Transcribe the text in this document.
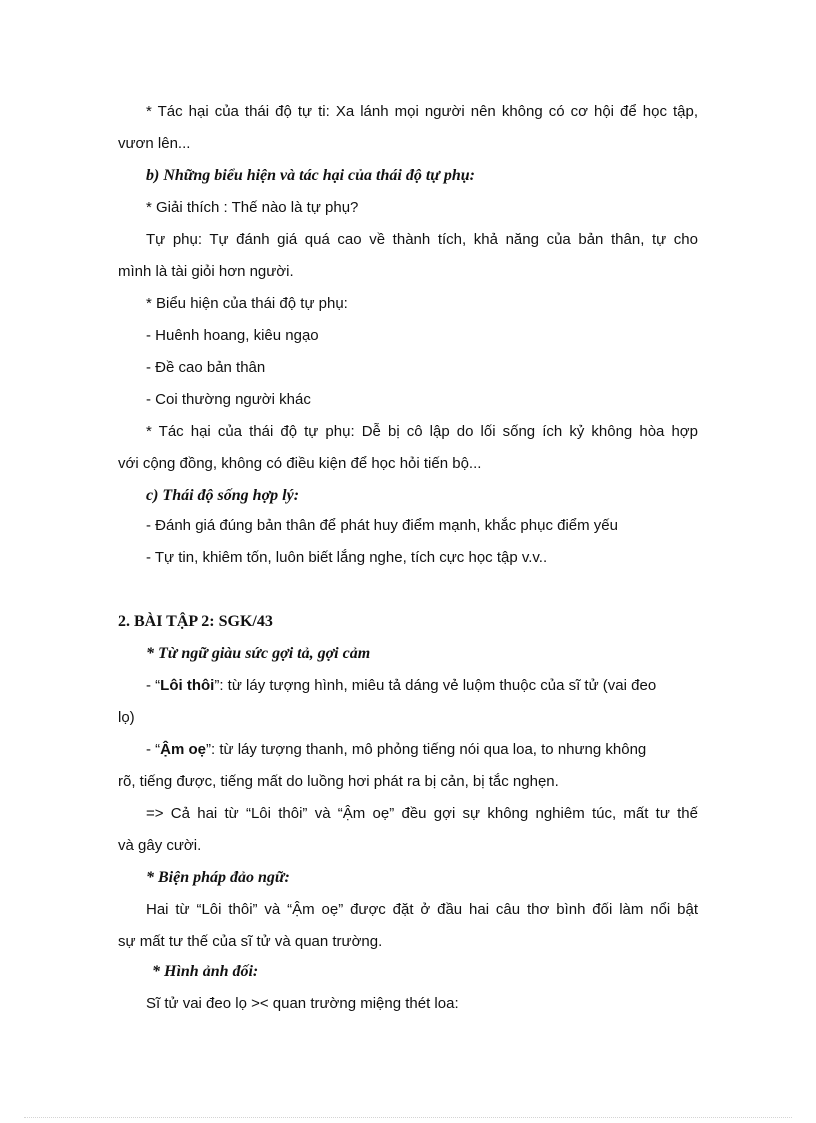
* Tác hại của thái độ tự ti: Xa lánh mọi người nên không có cơ hội để học tập,
vươn lên...
b) Những biểu hiện và tác hại của thái độ tự phụ:
* Giải thích : Thế nào là tự phụ?
Tự phụ: Tự đánh giá quá cao về thành tích, khả năng của bản thân, tự cho
mình là tài giỏi hơn người.
* Biểu hiện của thái độ tự phụ:
- Huênh hoang, kiêu ngạo
- Đề cao bản thân
- Coi thường người khác
* Tác hại của thái độ tự phụ: Dễ bị cô lập do lối sống ích kỷ không hòa hợp
với cộng đồng, không có điều kiện để học hỏi tiến bộ...
c) Thái độ sống hợp lý:
- Đánh giá đúng bản thân để phát huy điểm mạnh, khắc phục điểm yếu
- Tự tin, khiêm tốn, luôn biết lắng nghe, tích cực học tập v.v..
2. BÀI TẬP 2: SGK/43
* Từ ngữ giàu sức gợi tả, gợi cảm
- “Lôi thôi”: từ láy tượng hình, miêu tả dáng vẻ luộm thuộc của sĩ tử (vai đeo
lọ)
- “Ậm oẹ”: từ láy tượng thanh, mô phỏng tiếng nói qua loa, to nhưng không
rõ, tiếng được, tiếng mất do luồng hơi phát ra bị cản, bị tắc nghẹn.
=> Cả hai từ “Lôi thôi” và “Ậm oẹ” đều gợi sự không nghiêm túc, mất tư thế
và gây cười.
* Biện pháp đảo ngữ:
Hai từ “Lôi thôi” và “Ậm oẹ” được đặt ở đầu hai câu thơ bình đối làm nổi bật
sự mất tư thế của sĩ tử và quan trường.
* Hình ảnh đối:
Sĩ tử vai đeo lọ >< quan trường miệng thét loa:
